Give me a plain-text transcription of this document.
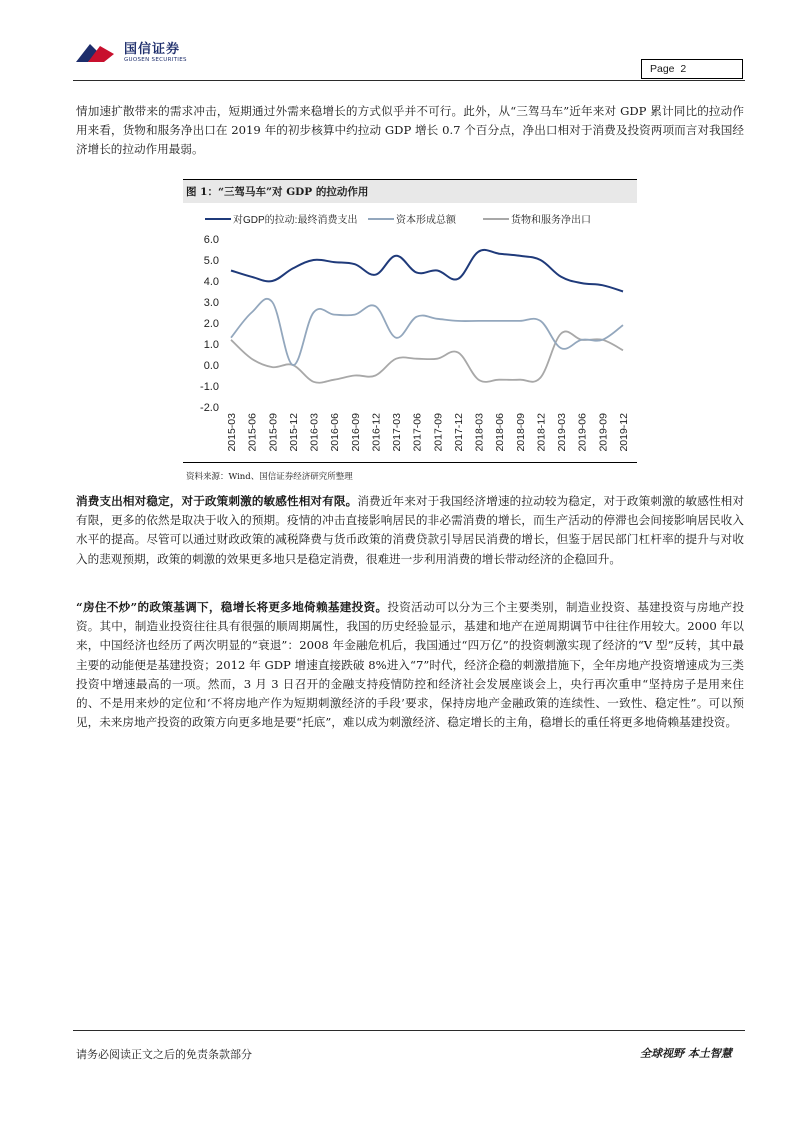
国信证券
GUOSEN SECURITIES
Page 2

情加速扩散带来的需求冲击，短期通过外需来稳增长的方式似乎并不可行。此外，从“三驾马车”近年来对 GDP 累计同比的拉动作用来看，货物和服务净出口在 2019 年的初步核算中约拉动 GDP 增长 0.7 个百分点，净出口相对于消费及投资两项而言对我国经济增长的拉动作用最弱。

图 1：“三驾马车”对 GDP 的拉动作用
对GDP的拉动:最终消费支出	资本形成总额	货物和服务净出口
6.0
5.0
4.0
3.0
2.0
1.0
0.0
-1.0
-2.0
2015-03 2015-06 2015-09 2015-12 2016-03 2016-06 2016-09 2016-12 2017-03 2017-06 2017-09 2017-12 2018-03 2018-06 2018-09 2018-12 2019-03 2019-06 2019-09 2019-12
资料来源：Wind、国信证券经济研究所整理

消费支出相对稳定，对于政策刺激的敏感性相对有限。消费近年来对于我国经济增速的拉动较为稳定，对于政策刺激的敏感性相对有限，更多的依然是取决于收入的预期。疫情的冲击直接影响居民的非必需消费的增长，而生产活动的停滞也会间接影响居民收入水平的提高。尽管可以通过财政政策的减税降费与货币政策的消费贷款引导居民消费的增长，但鉴于居民部门杠杆率的提升与对收入的悲观预期，政策的刺激的效果更多地只是稳定消费，很难进一步利用消费的增长带动经济的企稳回升。

“房住不炒”的政策基调下，稳增长将更多地倚赖基建投资。投资活动可以分为三个主要类别，制造业投资、基建投资与房地产投资。其中，制造业投资往往具有很强的顺周期属性，我国的历史经验显示，基建和地产在逆周期调节中往往作用较大。2000 年以来，中国经济也经历了两次明显的“衰退”：2008 年金融危机后，我国通过“四万亿”的投资刺激实现了经济的“V 型”反转，其中最主要的动能便是基建投资；2012 年 GDP 增速直接跌破 8%进入“7”时代，经济企稳的刺激措施下，全年房地产投资增速成为三类投资中增速最高的一项。然而，3 月 3 日召开的金融支持疫情防控和经济社会发展座谈会上，央行再次重申“坚持房子是用来住的、不是用来炒的定位和‘不将房地产作为短期刺激经济的手段’要求，保持房地产金融政策的连续性、一致性、稳定性”。可以预见，未来房地产投资的政策方向更多地是要“托底”，难以成为刺激经济、稳定增长的主角，稳增长的重任将更多地倚赖基建投资。

请务必阅读正文之后的免责条款部分	全球视野 本土智慧
